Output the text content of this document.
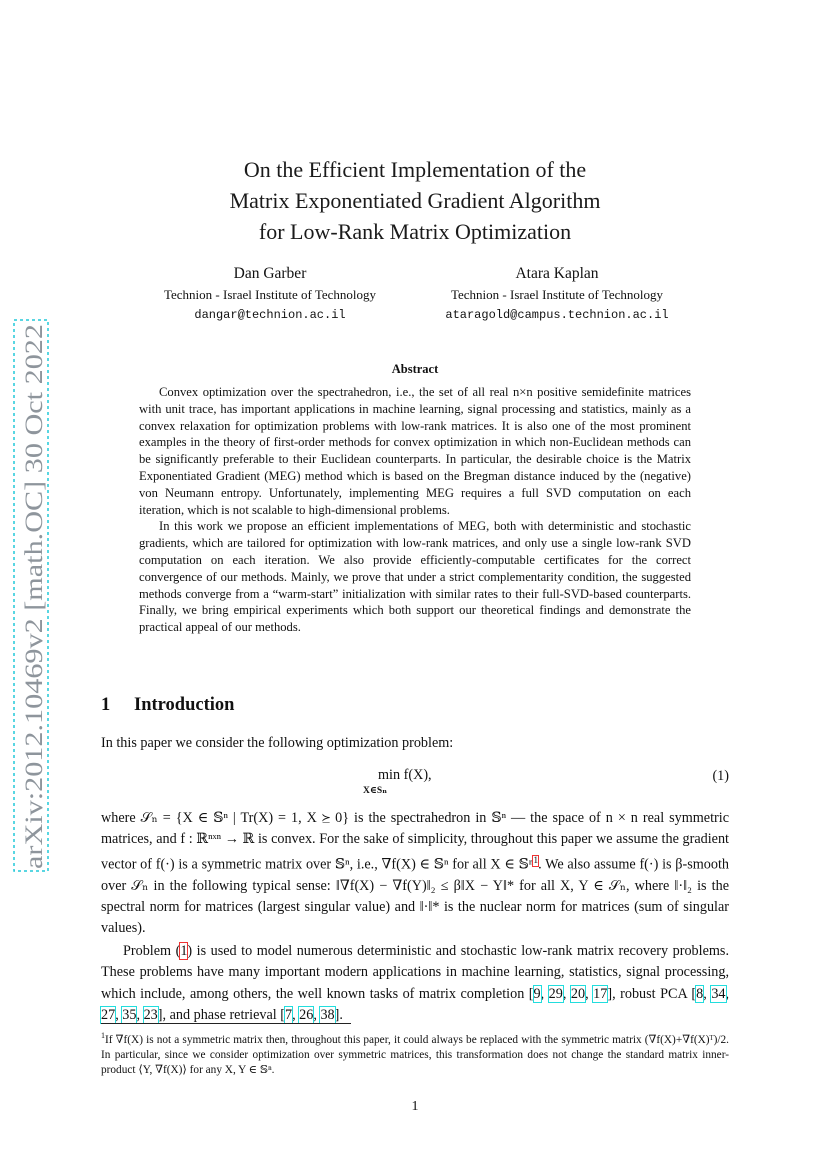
arXiv:2012.10469v2 [math.OC] 30 Oct 2022
On the Efficient Implementation of the
Matrix Exponentiated Gradient Algorithm
for Low-Rank Matrix Optimization
Dan Garber
Technion - Israel Institute of Technology
dangar@technion.ac.il
Atara Kaplan
Technion - Israel Institute of Technology
ataragold@campus.technion.ac.il
Abstract

Convex optimization over the spectrahedron, i.e., the set of all real n×n positive semidefinite matrices with unit trace, has important applications in machine learning, signal processing and statistics, mainly as a convex relaxation for optimization problems with low-rank matrices. It is also one of the most prominent examples in the theory of first-order methods for convex optimization in which non-Euclidean methods can be significantly preferable to their Euclidean counterparts. In particular, the desirable choice is the Matrix Exponentiated Gradient (MEG) method which is based on the Bregman distance induced by the (negative) von Neumann entropy. Unfortunately, implementing MEG requires a full SVD computation on each iteration, which is not scalable to high-dimensional problems.

In this work we propose an efficient implementations of MEG, both with deterministic and stochastic gradients, which are tailored for optimization with low-rank matrices, and only use a single low-rank SVD computation on each iteration. We also provide efficiently-computable certificates for the correct convergence of our methods. Mainly, we prove that under a strict complementarity condition, the suggested methods converge from a “warm-start” initialization with similar rates to their full-SVD-based counterparts. Finally, we bring empirical experiments which both support our theoretical findings and demonstrate the practical appeal of our methods.

1 Introduction

In this paper we consider the following optimization problem:

min f(X),
X∈Sₙ
(1)

where 𝒮ₙ = {X ∈ 𝕊ⁿ | Tr(X) = 1, X ⪰ 0} is the spectrahedron in 𝕊ⁿ — the space of n × n real symmetric matrices, and f : ℝⁿˣⁿ → ℝ is convex. For the sake of simplicity, throughout this paper we assume the gradient vector of f(·) is a symmetric matrix over 𝕊ⁿ, i.e., ∇f(X) ∈ 𝕊ⁿ for all X ∈ 𝕊ⁿ$^1$. We also assume f(·) is β-smooth over 𝒮ₙ in the following typical sense: ‖∇f(X) − ∇f(Y)‖₂ ≤ β‖X − Y‖* for all X, Y ∈ 𝒮ₙ, where ‖·‖₂ is the spectral norm for matrices (largest singular value) and ‖·‖* is the nuclear norm for matrices (sum of singular values).

Problem (1) is used to model numerous deterministic and stochastic low-rank matrix recovery problems. These problems have many important modern applications in machine learning, statistics, signal processing, which include, among others, the well known tasks of matrix completion [9, 29, 20, 17], robust PCA [8, 34, 27, 35, 23], and phase retrieval [7, 26, 38].

$^1$If ∇f(X) is not a symmetric matrix then, throughout this paper, it could always be replaced with the symmetric matrix (∇f(X)+∇f(X)ᵀ)/2. In particular, since we consider optimization over symmetric matrices, this transformation does not change the standard matrix inner-product ⟨Y, ∇f(X)⟩ for any X, Y ∈ 𝕊ⁿ.
1
